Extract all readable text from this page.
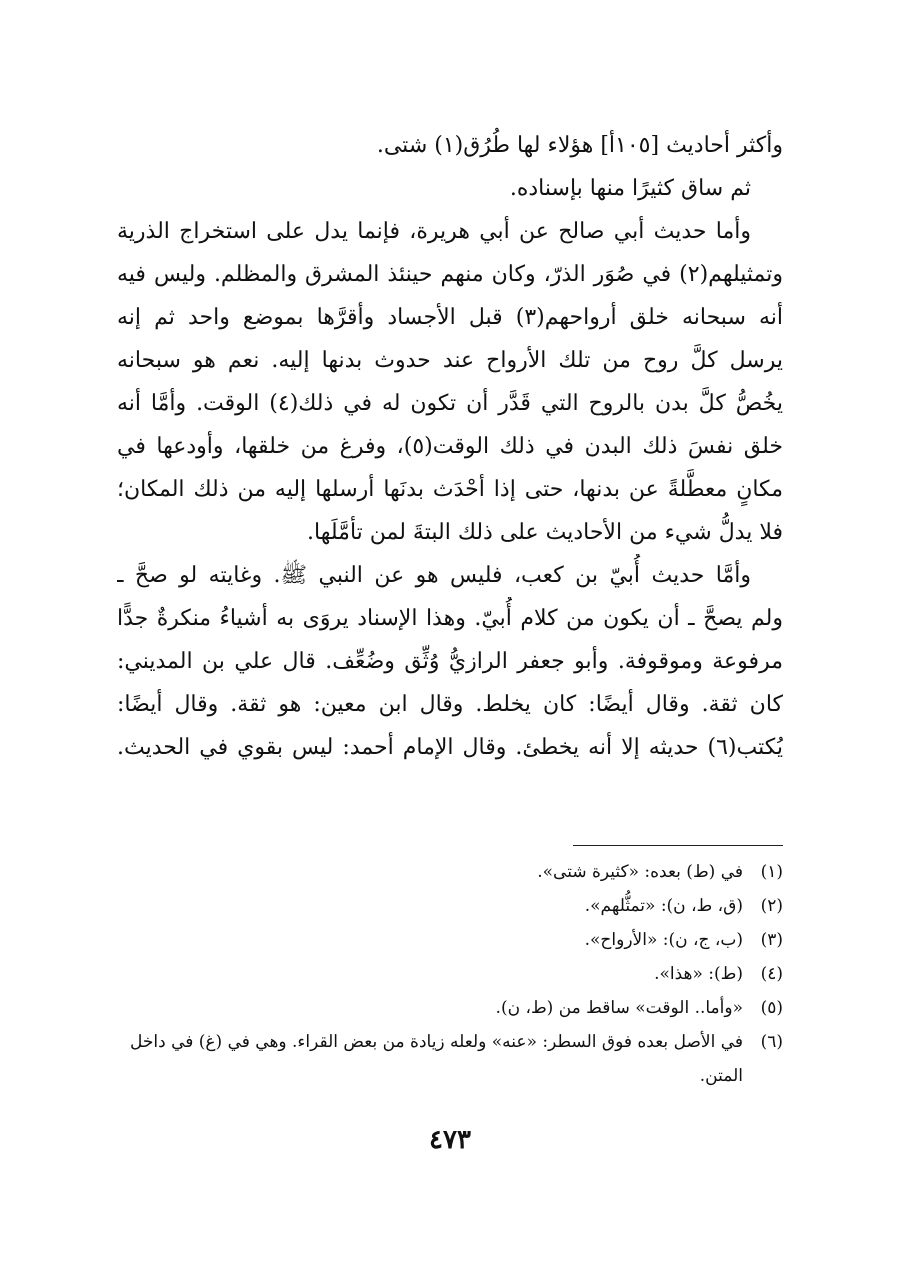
وأكثر أحاديث [١٠٥أ] هؤلاء لها طُرُق(١) شتى.
ثم ساق كثيرًا منها بإسناده.
وأما حديث أبي صالح عن أبي هريرة، فإنما يدل على استخراج الذرية
وتمثيلهم(٢) في صُوَر الذرّ، وكان منهم حينئذ المشرق والمظلم. وليس فيه
أنه سبحانه خلق أرواحهم(٣) قبل الأجساد وأقرَّها بموضع واحد ثم إنه
يرسل كلَّ روح من تلك الأرواح عند حدوث بدنها إليه. نعم هو سبحانه
يخُصُّ كلَّ بدن بالروح التي قَدَّر أن تكون له في ذلك(٤) الوقت. وأمَّا أنه
خلق نفسَ ذلك البدن في ذلك الوقت(٥)، وفرغ من خلقها، وأودعها في
مكانٍ معطَّلةً عن بدنها، حتى إذا أحْدَث بدنَها أرسلها إليه من ذلك المكان؛
فلا يدلُّ شيء من الأحاديث على ذلك البتةَ لمن تأمَّلَها.
وأمَّا حديث أُبيّ بن كعب، فليس هو عن النبي ﷺ. وغايته لو صحَّ ـ
ولم يصحَّ ـ أن يكون من كلام أُبيّ. وهذا الإسناد يروَى به أشياءُ منكرةٌ جدًّا
مرفوعة وموقوفة. وأبو جعفر الرازيُّ وُثِّق وضُعِّف. قال علي بن المديني:
كان ثقة. وقال أيضًا: كان يخلط. وقال ابن معين: هو ثقة. وقال أيضًا:
يُكتب(٦) حديثه إلا أنه يخطئ. وقال الإمام أحمد: ليس بقوي في الحديث.
(١)
في (ط) بعده: «كثيرة شتى».
(٢)
(ق، ط، ن): «تمثُّلهم».
(٣)
(ب، ج، ن): «الأرواح».
(٤)
(ط): «هذا».
(٥)
«وأما.. الوقت» ساقط من (ط، ن).
(٦)
في الأصل بعده فوق السطر: «عنه» ولعله زيادة من بعض القراء. وهي في (غ) في داخل المتن.
٤٧٣
